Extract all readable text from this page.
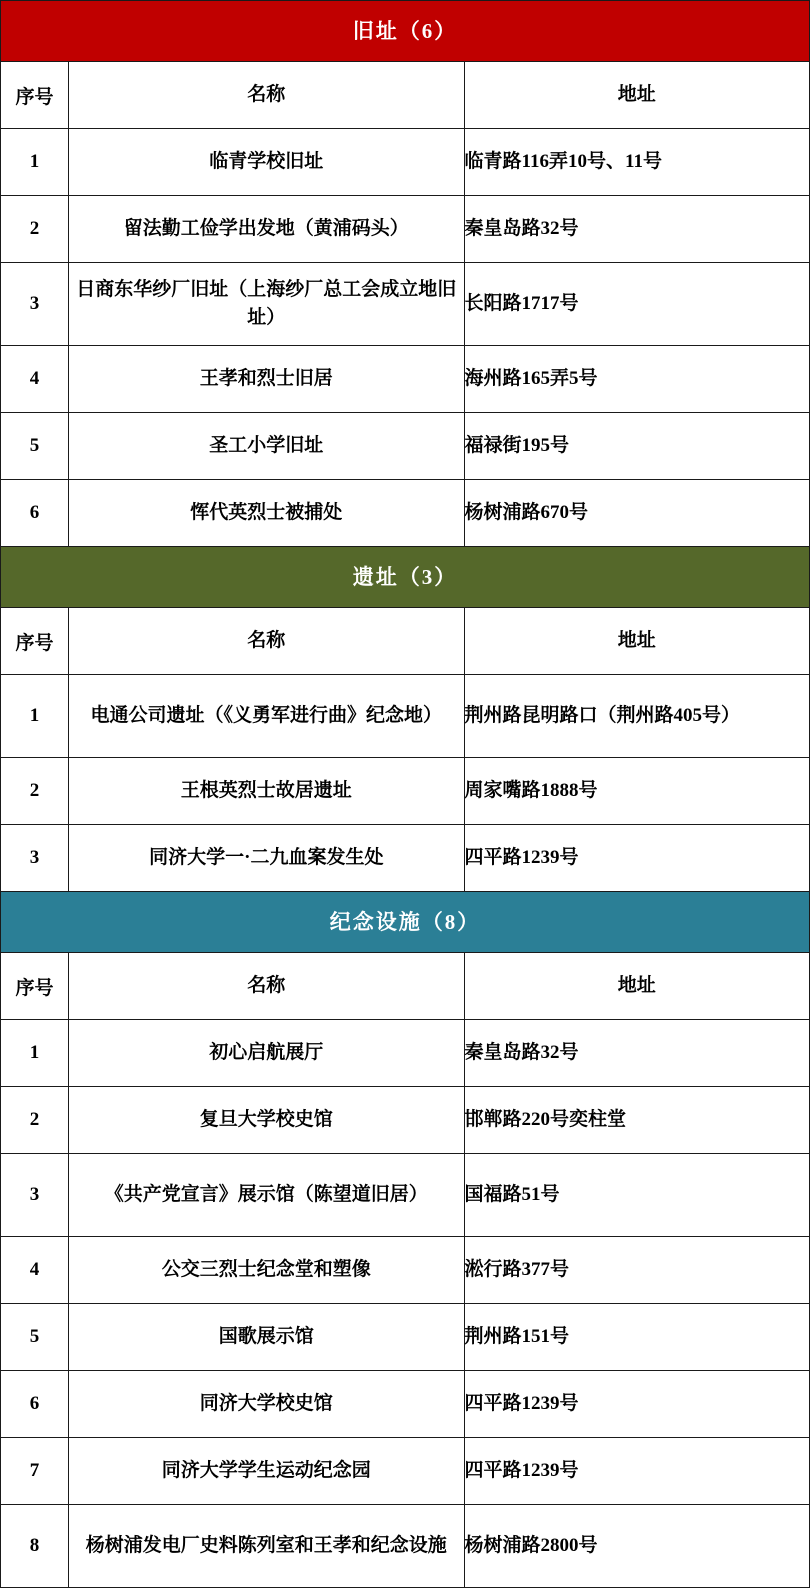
旧址（6）		
序号	名称	地址
1	临青学校旧址	临青路116弄10号、11号
2	留法勤工俭学出发地（黄浦码头）	秦皇岛路32号
3	日商东华纱厂旧址（上海纱厂总工会成立地旧址）	长阳路1717号
4	王孝和烈士旧居	海州路165弄5号
5	圣工小学旧址	福禄街195号
6	恽代英烈士被捕处	杨树浦路670号
遗址（3）		
序号	名称	地址
1	电通公司遗址（《义勇军进行曲》纪念地）	荆州路昆明路口（荆州路405号）
2	王根英烈士故居遗址	周家嘴路1888号
3	同济大学一·二九血案发生处	四平路1239号
纪念设施（8）		
序号	名称	地址
1	初心启航展厅	秦皇岛路32号
2	复旦大学校史馆	邯郸路220号奕柱堂
3	《共产党宣言》展示馆（陈望道旧居）	国福路51号
4	公交三烈士纪念堂和塑像	淞行路377号
5	国歌展示馆	荆州路151号
6	同济大学校史馆	四平路1239号
7	同济大学学生运动纪念园	四平路1239号
8	杨树浦发电厂史料陈列室和王孝和纪念设施	杨树浦路2800号
